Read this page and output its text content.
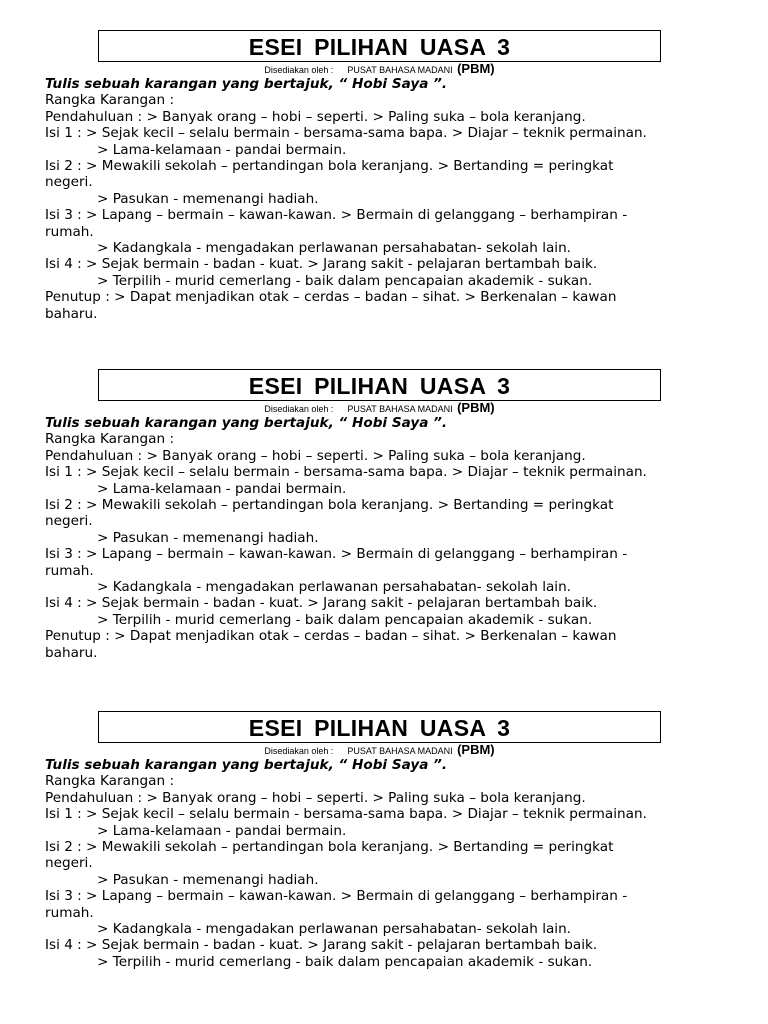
ESEI PILIHAN UASA 3
Disediakan oleh : PUSAT BAHASA MADANI (PBM)
Tulis sebuah karangan yang bertajuk, “ Hobi Saya ”.
Rangka Karangan :
Pendahuluan : > Banyak orang – hobi – seperti. > Paling suka – bola keranjang.
Isi 1 : > Sejak kecil – selalu bermain - bersama-sama bapa. > Diajar – teknik permainan.
> Lama-kelamaan - pandai bermain.
Isi 2 : > Mewakili sekolah – pertandingan bola keranjang. > Bertanding = peringkat
negeri.
> Pasukan - memenangi hadiah.
Isi 3 : > Lapang – bermain – kawan-kawan. > Bermain di gelanggang – berhampiran -
rumah.
> Kadangkala - mengadakan perlawanan persahabatan- sekolah lain.
Isi 4 : > Sejak bermain - badan - kuat. > Jarang sakit - pelajaran bertambah baik.
> Terpilih - murid cemerlang - baik dalam pencapaian akademik - sukan.
Penutup : > Dapat menjadikan otak – cerdas – badan – sihat. > Berkenalan – kawan
baharu.
ESEI PILIHAN UASA 3
Disediakan oleh : PUSAT BAHASA MADANI (PBM)
Tulis sebuah karangan yang bertajuk, “ Hobi Saya ”.
Rangka Karangan :
Pendahuluan : > Banyak orang – hobi – seperti. > Paling suka – bola keranjang.
Isi 1 : > Sejak kecil – selalu bermain - bersama-sama bapa. > Diajar – teknik permainan.
> Lama-kelamaan - pandai bermain.
Isi 2 : > Mewakili sekolah – pertandingan bola keranjang. > Bertanding = peringkat
negeri.
> Pasukan - memenangi hadiah.
Isi 3 : > Lapang – bermain – kawan-kawan. > Bermain di gelanggang – berhampiran -
rumah.
> Kadangkala - mengadakan perlawanan persahabatan- sekolah lain.
Isi 4 : > Sejak bermain - badan - kuat. > Jarang sakit - pelajaran bertambah baik.
> Terpilih - murid cemerlang - baik dalam pencapaian akademik - sukan.
Penutup : > Dapat menjadikan otak – cerdas – badan – sihat. > Berkenalan – kawan
baharu.
ESEI PILIHAN UASA 3
Disediakan oleh : PUSAT BAHASA MADANI (PBM)
Tulis sebuah karangan yang bertajuk, “ Hobi Saya ”.
Rangka Karangan :
Pendahuluan : > Banyak orang – hobi – seperti. > Paling suka – bola keranjang.
Isi 1 : > Sejak kecil – selalu bermain - bersama-sama bapa. > Diajar – teknik permainan.
> Lama-kelamaan - pandai bermain.
Isi 2 : > Mewakili sekolah – pertandingan bola keranjang. > Bertanding = peringkat
negeri.
> Pasukan - memenangi hadiah.
Isi 3 : > Lapang – bermain – kawan-kawan. > Bermain di gelanggang – berhampiran -
rumah.
> Kadangkala - mengadakan perlawanan persahabatan- sekolah lain.
Isi 4 : > Sejak bermain - badan - kuat. > Jarang sakit - pelajaran bertambah baik.
> Terpilih - murid cemerlang - baik dalam pencapaian akademik - sukan.
